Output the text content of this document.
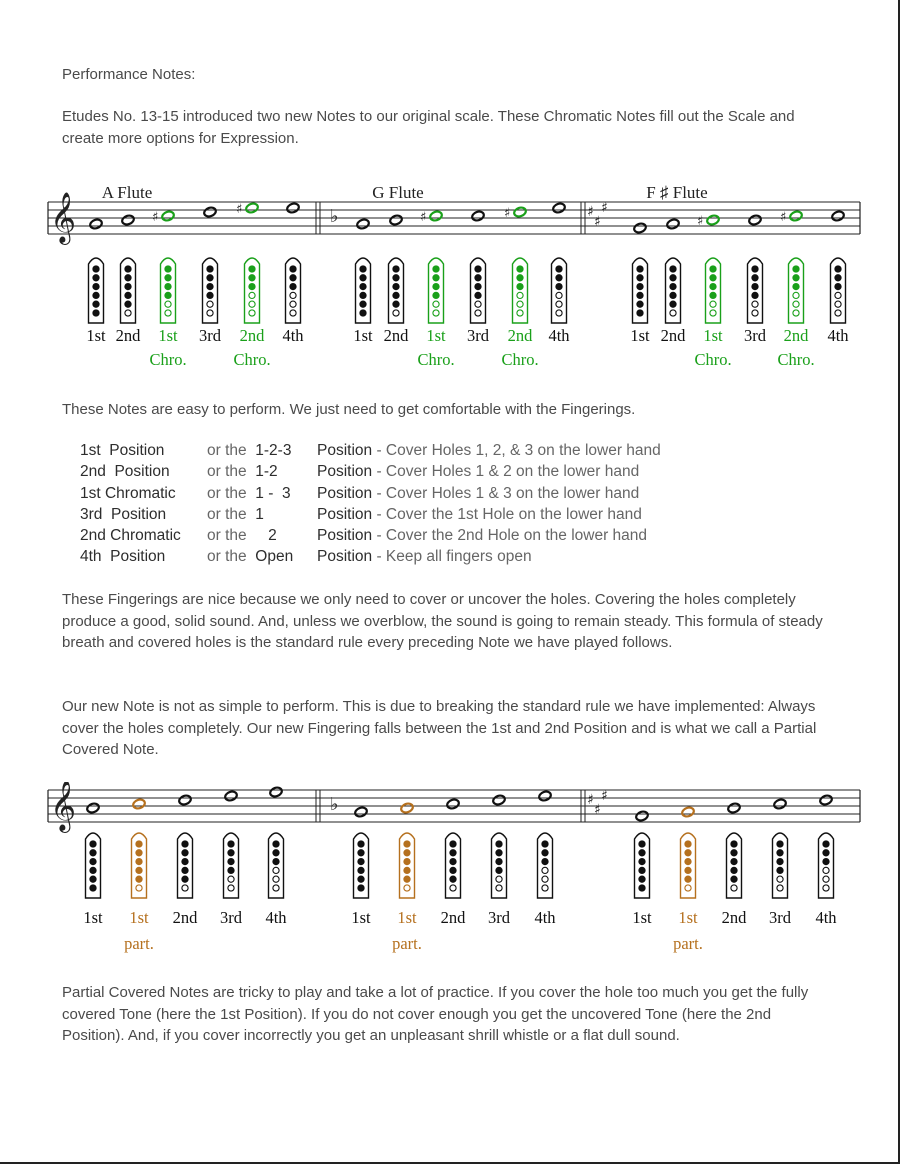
Performance Notes:

Etudes No. 13-15 introduced two new Notes to our original scale. These Chromatic Notes fill out the Scale and create more options for Expression.

𝄞 A Flute
1st 2nd
♯
1st
Chro.
3rd
♯
2nd
Chro.
4th
G Flute
♭
1st 2nd
♯
1st
Chro.
3rd
♯
2nd
Chro.
4th
F ♯ Flute
♯
♯
♯
1st 2nd
♯
1st
Chro.
3rd
♯
2nd
Chro.
4th

These Notes are easy to perform. We just need to get comfortable with the Fingerings.

1st  Position	or the  1-2-3	Position - Cover Holes 1, 2, & 3 on the lower hand
2nd  Position	or the  1-2	Position - Cover Holes 1 & 2 on the lower hand
1st Chromatic	or the  1 -  3	Position - Cover Holes 1 & 3 on the lower hand
3rd  Position	or the  1	Position - Cover the 1st Hole on the lower hand
2nd Chromatic	or the     2	Position - Cover the 2nd Hole on the lower hand
4th  Position	or the  Open	Position - Keep all fingers open

These Fingerings are nice because we only need to cover or uncover the holes. Covering the holes completely produce a good, solid sound. And, unless we overblow, the sound is going to remain steady. This formula of steady breath and covered holes is the standard rule every preceding Note we have played follows.

Our new Note is not as simple to perform. This is due to breaking the standard rule we have implemented: Always cover the holes completely. Our new Fingering falls between the 1st and 2nd Position and is what we call a Partial Covered Note.

𝄞
1st 1st
part.
2nd 3rd 4th
♭
1st 1st
part.
2nd 3rd 4th
♯
♯
♯
1st 1st
part.
2nd 3rd 4th

Partial Covered Notes are tricky to play and take a lot of practice. If you cover the hole too much you get the fully covered Tone (here the 1st Position). If you do not cover enough you get the uncovered Tone (here the 2nd Position). And, if you cover incorrectly you get an unpleasant shrill whistle or a flat dull sound.
